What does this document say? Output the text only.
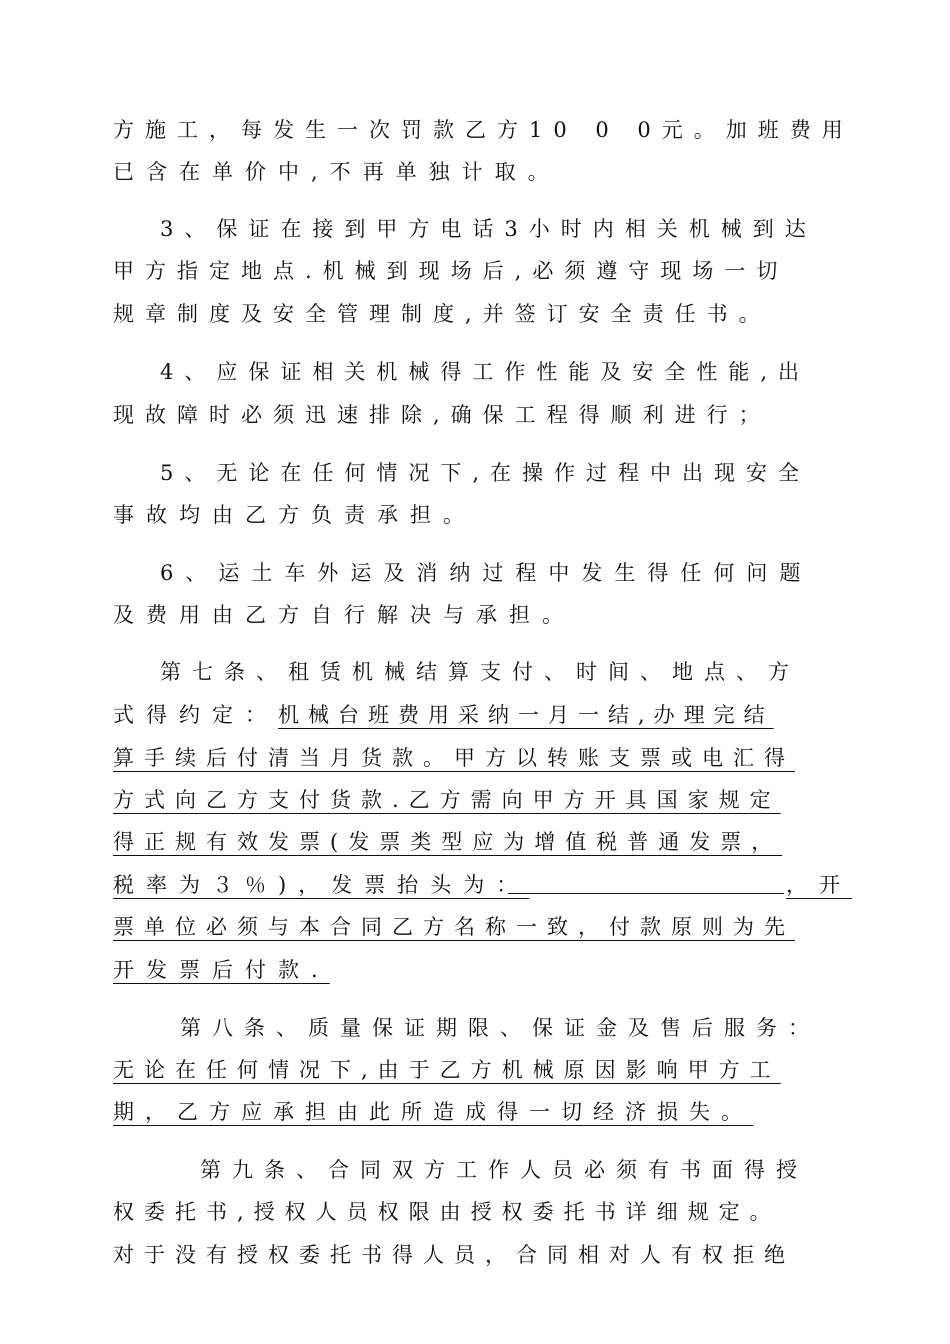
方施工，每发生一次罚款乙方10 0 0元。加班费用
已含在单价中,不再单独计取。
3、保证在接到甲方电话3小时内相关机械到达
甲方指定地点.机械到现场后,必须遵守现场一切
规章制度及安全管理制度,并签订安全责任书。
4、应保证相关机械得工作性能及安全性能,出
现故障时必须迅速排除,确保工程得顺利进行；
5、无论在任何情况下,在操作过程中出现安全
事故均由乙方负责承担。
6、运土车外运及消纳过程中发生得任何问题
及费用由乙方自行解决与承担。
第七条、租赁机械结算支付、时间、地点、方
式得约定： 机械台班费用采纳一月一结,办理完结
算手续后付清当月货款。甲方以转账支票或电汇得
方式向乙方支付货款.乙方需向甲方开具国家规定
得正规有效发票(发票类型应为增值税普通发票，
税率为３％)，发票抬头为：	，开
票单位必须与本合同乙方名称一致，付款原则为先
开发票后付款.
第八条、质量保证期限、保证金及售后服务：
无论在任何情况下,由于乙方机械原因影响甲方工
期，乙方应承担由此所造成得一切经济损失。
第九条、合同双方工作人员必须有书面得授
权委托书,授权人员权限由授权委托书详细规定。
对于没有授权委托书得人员，合同相对人有权拒绝
